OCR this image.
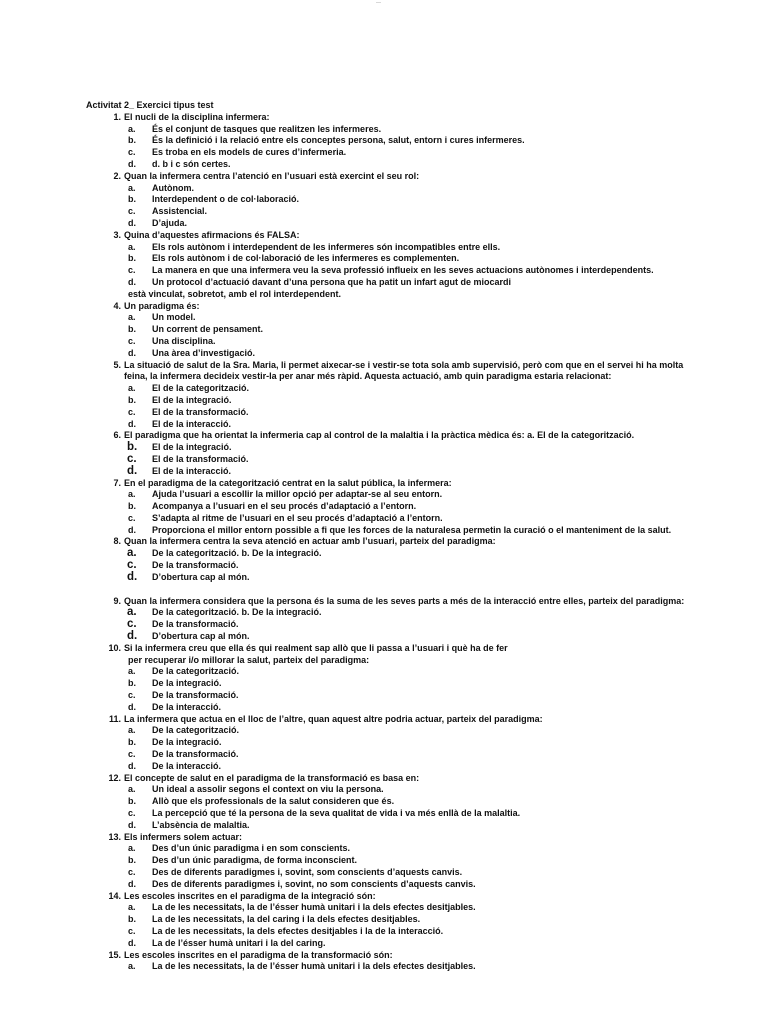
—
Activitat 2_ Exercici tipus test
1. El nucli de la disciplina infermera:
a. És el conjunt de tasques que realitzen les infermeres.
b. És la definició i la relació entre els conceptes persona, salut, entorn i cures infermeres.
c. Es troba en els models de cures d’infermeria.
d. d. b i c són certes.
2. Quan la infermera centra l’atenció en l’usuari està exercint el seu rol:
a. Autònom.
b. Interdependent o de col·laboració.
c. Assistencial.
d. D’ajuda.
3. Quina d’aquestes afirmacions és FALSA:
a. Els rols autònom i interdependent de les infermeres són incompatibles entre ells.
b. Els rols autònom i de col·laboració de les infermeres es complementen.
c. La manera en que una infermera veu la seva professió influeix en les seves actuacions autònomes i interdependents.
d. Un protocol d’actuació davant d’una persona que ha patit un infart agut de miocardi
està vinculat, sobretot, amb el rol interdependent.
4. Un paradigma és:
a. Un model.
b. Un corrent de pensament.
c. Una disciplina.
d. Una àrea d’investigació.
5. La situació de salut de la Sra. Maria, li permet aixecar-se i vestir-se tota sola amb supervisió, però com que en el servei hi ha molta
feina, la infermera decideix vestir-la per anar més ràpid. Aquesta actuació, amb quin paradigma estaria relacionat:
a. El de la categorització.
b. El de la integració.
c. El de la transformació.
d. El de la interacció.
6. El paradigma que ha orientat la infermeria cap al control de la malaltia i la pràctica mèdica és: a. El de la categorització.
b. El de la integració.
c. El de la transformació.
d. El de la interacció.
7. En el paradigma de la categorització centrat en la salut pública, la infermera:
a. Ajuda l’usuari a escollir la millor opció per adaptar-se al seu entorn.
b. Acompanya a l’usuari en el seu procés d’adaptació a l’entorn.
c. S’adapta al ritme de l’usuari en el seu procés d’adaptació a l’entorn.
d. Proporciona el millor entorn possible a fi que les forces de la naturalesa permetin la curació o el manteniment de la salut.
8. Quan la infermera centra la seva atenció en actuar amb l’usuari, parteix del paradigma:
a. De la categorització. b. De la integració.
c. De la transformació.
d. D’obertura cap al món.
9. Quan la infermera considera que la persona és la suma de les seves parts a més de la interacció entre elles, parteix del paradigma:
a. De la categorització. b. De la integració.
c. De la transformació.
d. D’obertura cap al món.
10. Si la infermera creu que ella és qui realment sap allò que li passa a l’usuari i què ha de fer
per recuperar i/o millorar la salut, parteix del paradigma:
a. De la categorització.
b. De la integració.
c. De la transformació.
d. De la interacció.
11. La infermera que actua en el lloc de l’altre, quan aquest altre podria actuar, parteix del paradigma:
a. De la categorització.
b. De la integració.
c. De la transformació.
d. De la interacció.
12. El concepte de salut en el paradigma de la transformació es basa en:
a. Un ideal a assolir segons el context on viu la persona.
b. Allò que els professionals de la salut consideren que és.
c. La percepció que té la persona de la seva qualitat de vida i va més enllà de la malaltia.
d. L’absència de malaltia.
13. Els infermers solem actuar:
a. Des d’un únic paradigma i en som conscients.
b. Des d’un únic paradigma, de forma inconscient.
c. Des de diferents paradigmes i, sovint, som conscients d’aquests canvis.
d. Des de diferents paradigmes i, sovint, no som conscients d’aquests canvis.
14. Les escoles inscrites en el paradigma de la integració són:
a. La de les necessitats, la de l’ésser humà unitari i la dels efectes desitjables.
b. La de les necessitats, la del caring i la dels efectes desitjables.
c. La de les necessitats, la dels efectes desitjables i la de la interacció.
d. La de l’ésser humà unitari i la del caring.
15. Les escoles inscrites en el paradigma de la transformació són:
a. La de les necessitats, la de l’ésser humà unitari i la dels efectes desitjables.
